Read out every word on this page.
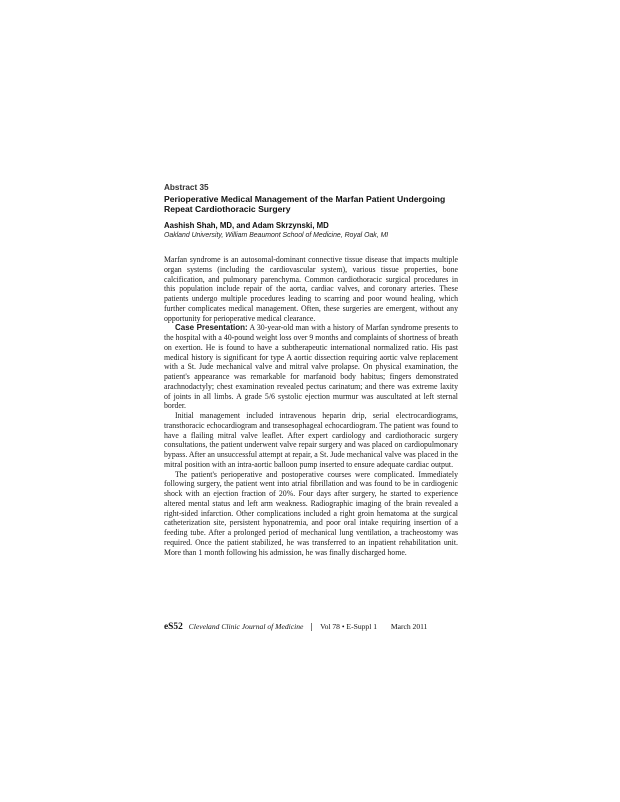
Abstract 35

Perioperative Medical Management of the Marfan Patient Undergoing Repeat Cardiothoracic Surgery

Aashish Shah, MD, and Adam Skrzynski, MD

Oakland University, William Beaumont School of Medicine, Royal Oak, MI

Marfan syndrome is an autosomal-dominant connective tissue disease that impacts multiple organ systems (including the cardiovascular system), various tissue properties, bone calcification, and pulmonary parenchyma. Common cardiothoracic surgical procedures in this population include repair of the aorta, cardiac valves, and coronary arteries. These patients undergo multiple procedures leading to scarring and poor wound healing, which further complicates medical management. Often, these surgeries are emergent, without any opportunity for perioperative medical clearance.

Case Presentation: A 30-year-old man with a history of Marfan syndrome presents to the hospital with a 40-pound weight loss over 9 months and complaints of shortness of breath on exertion. He is found to have a subtherapeutic international normalized ratio. His past medical history is significant for type A aortic dissection requiring aortic valve replacement with a St. Jude mechanical valve and mitral valve prolapse. On physical examination, the patient's appearance was remarkable for marfanoid body habitus; fingers demonstrated arachnodactyly; chest examination revealed pectus carinatum; and there was extreme laxity of joints in all limbs. A grade 5/6 systolic ejection murmur was auscultated at left sternal border.

Initial management included intravenous heparin drip, serial electrocardiograms, transthoracic echocardiogram and transesophageal echocardiogram. The patient was found to have a flailing mitral valve leaflet. After expert cardiology and cardiothoracic surgery consultations, the patient underwent valve repair surgery and was placed on cardiopulmonary bypass. After an unsuccessful attempt at repair, a St. Jude mechanical valve was placed in the mitral position with an intra-aortic balloon pump inserted to ensure adequate cardiac output.

The patient's perioperative and postoperative courses were complicated. Immediately following surgery, the patient went into atrial fibrillation and was found to be in cardiogenic shock with an ejection fraction of 20%. Four days after surgery, he started to experience altered mental status and left arm weakness. Radiographic imaging of the brain revealed a right-sided infarction. Other complications included a right groin hematoma at the surgical catheterization site, persistent hyponatremia, and poor oral intake requiring insertion of a feeding tube. After a prolonged period of mechanical lung ventilation, a tracheostomy was required. Once the patient stabilized, he was transferred to an inpatient rehabilitation unit. More than 1 month following his admission, he was finally discharged home.

eS52 Cleveland Clinic Journal of Medicine Vol 78 • E-Suppl 1 March 2011
